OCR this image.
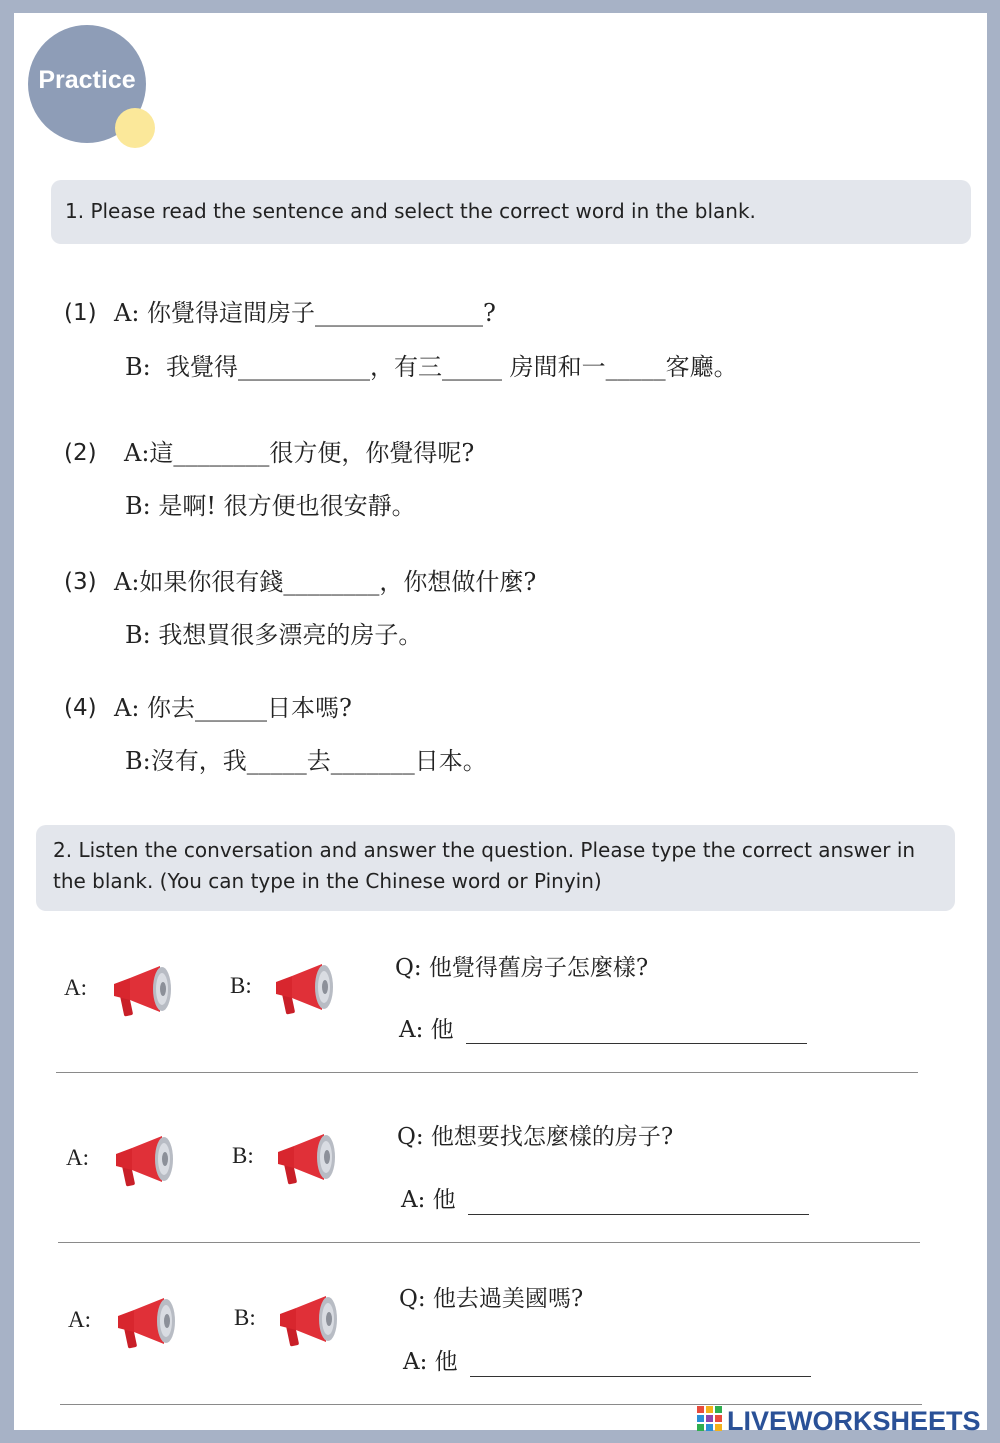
Practice
1. Please read the sentence and select the correct word in the blank.
(1) A: 你覺得這間房子______________?
B:  我覺得___________，有三_____ 房間和一_____客廳。
(2) A:這________很方便，你覺得呢?
B: 是啊! 很方便也很安靜。
(3) A:如果你很有錢________，你想做什麼?
B: 我想買很多漂亮的房子。
(4) A: 你去______日本嗎?
B:沒有，我_____去_______日本。
2. Listen the conversation and answer the question. Please type the correct answer in the blank. (You can type in the Chinese word or Pinyin)
A:	B:
Q: 他覺得舊房子怎麼樣?
A: 他
A:	B:
Q: 他想要找怎麼樣的房子?
A: 他
A:	B:
Q: 他去過美國嗎?
A: 他
LIVEWORKSHEETS
